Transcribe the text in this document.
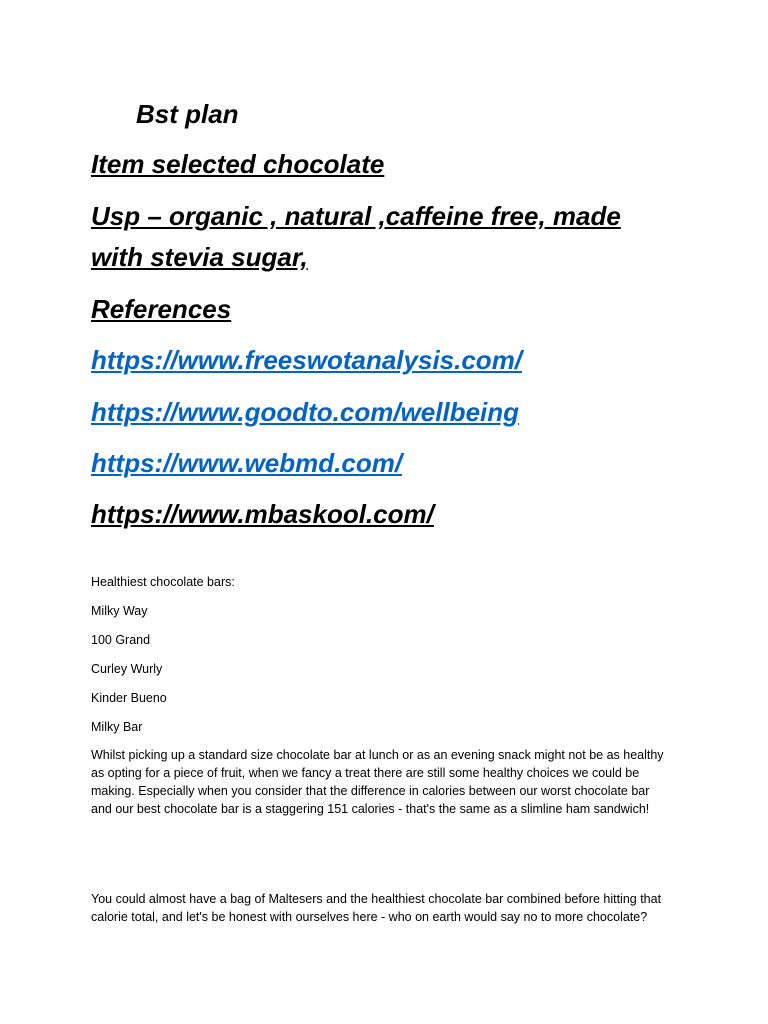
Bst plan
Item selected chocolate
Usp – organic , natural ,caffeine free, made
with stevia sugar,
References
https://www.freeswotanalysis.com/
https://www.goodto.com/wellbeing
https://www.webmd.com/
https://www.mbaskool.com/
Healthiest chocolate bars:
Milky Way
100 Grand
Curley Wurly
Kinder Bueno
Milky Bar
Whilst picking up a standard size chocolate bar at lunch or as an evening snack might not be as healthy
as opting for a piece of fruit, when we fancy a treat there are still some healthy choices we could be
making. Especially when you consider that the difference in calories between our worst chocolate bar
and our best chocolate bar is a staggering 151 calories - that's the same as a slimline ham sandwich!
You could almost have a bag of Maltesers and the healthiest chocolate bar combined before hitting that
calorie total, and let's be honest with ourselves here - who on earth would say no to more chocolate?
